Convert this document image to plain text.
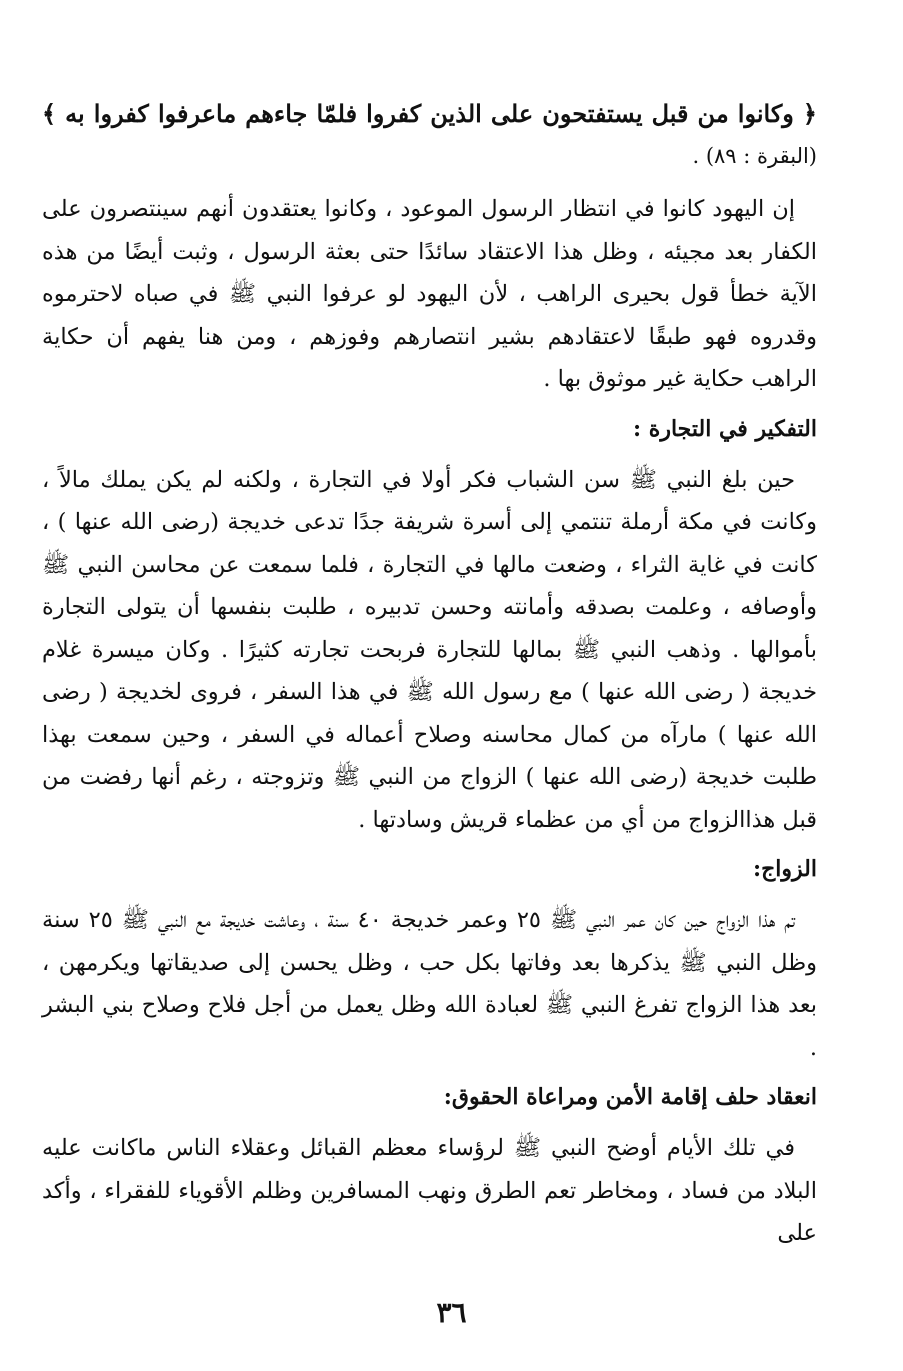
﴿ وكانوا من قبل يستفتحون على الذين كفروا فلمّا جاءهم ماعرفوا كفروا به ﴾

(البقرة : ٨٩) .

إن اليهود كانوا في انتظار الرسول الموعود ، وكانوا يعتقدون أنهم سينتصرون على الكفار بعد مجيئه ، وظل هذا الاعتقاد سائدًا حتى بعثة الرسول ، وثبت أيضًا من هذه الآية خطأ قول بحيرى الراهب ، لأن اليهود لو عرفوا النبي ﷺ في صباه لاحترموه وقدروه فهو طبقًا لاعتقادهم بشير انتصارهم وفوزهم ، ومن هنا يفهم أن حكاية الراهب حكاية غير موثوق بها .

التفكير في التجارة :

حين بلغ النبي ﷺ سن الشباب فكر أولا في التجارة ، ولكنه لم يكن يملك مالاً ، وكانت في مكة أرملة تنتمي إلى أسرة شريفة جدًا تدعى خديجة (رضى الله عنها ) ، كانت في غاية الثراء ، وضعت مالها في التجارة ، فلما سمعت عن محاسن النبي ﷺ وأوصافه ، وعلمت بصدقه وأمانته وحسن تدبيره ، طلبت بنفسها أن يتولى التجارة بأموالها . وذهب النبي ﷺ بمالها للتجارة فربحت تجارته كثيرًا . وكان ميسرة غلام خديجة ( رضى الله عنها ) مع رسول الله ﷺ في هذا السفر ، فروى لخديجة ( رضى الله عنها ) مارآه من كمال محاسنه وصلاح أعماله في السفر ، وحين سمعت بهذا طلبت خديجة (رضى الله عنها ) الزواج من النبي ﷺ وتزوجته ، رغم أنها رفضت من قبل هذاالزواج من أي من عظماء قريش وسادتها .

الزواج:

تم هذا الزواج حين كان عمر النبي ﷺ ٢٥ وعمر خديجة ٤٠ سنة ، وعاشت خديجة مع النبي ﷺ ٢٥ سنة وظل النبي ﷺ يذكرها بعد وفاتها بكل حب ، وظل يحسن إلى صديقاتها ويكرمهن ، بعد هذا الزواج تفرغ النبي ﷺ لعبادة الله وظل يعمل من أجل فلاح وصلاح بني البشر .

انعقاد حلف إقامة الأمن ومراعاة الحقوق:

في تلك الأيام أوضح النبي ﷺ لرؤساء معظم القبائل وعقلاء الناس ماكانت عليه البلاد من فساد ، ومخاطر تعم الطرق ونهب المسافرين وظلم الأقوياء للفقراء ، وأكد على

٣٦
